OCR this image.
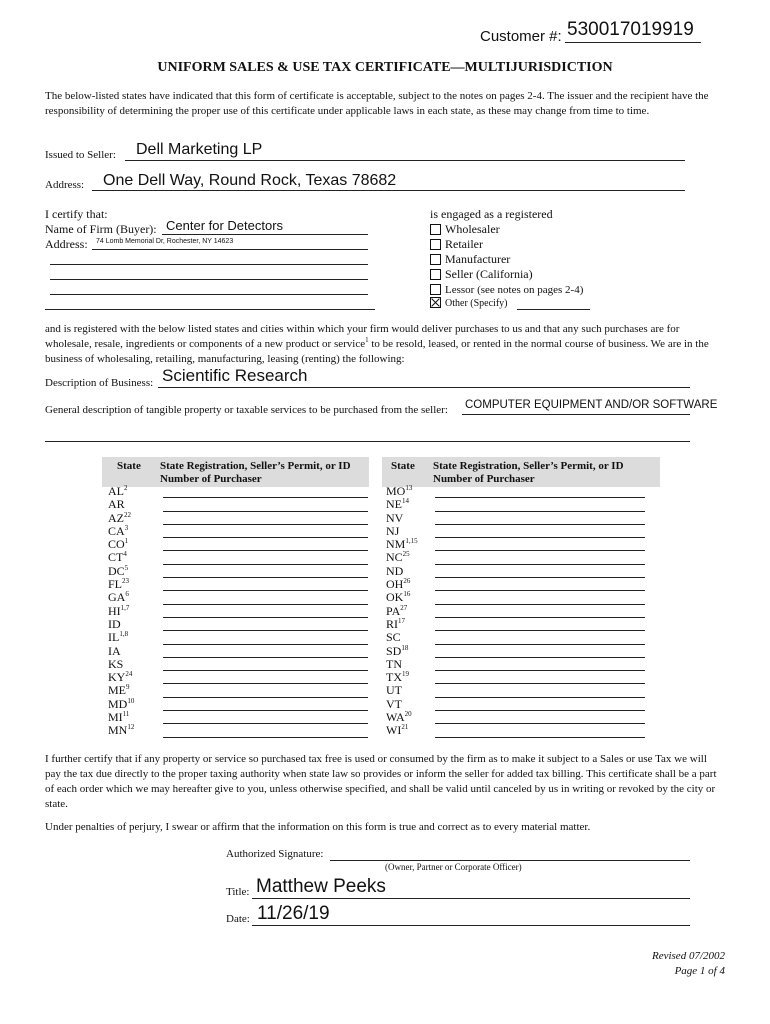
Customer #: 530017019919
UNIFORM SALES & USE TAX CERTIFICATE—MULTIJURISDICTION
The below-listed states have indicated that this form of certificate is acceptable, subject to the notes on pages 2-4. The issuer and the recipient have the responsibility of determining the proper use of this certificate under applicable laws in each state, as these may change from time to time.
Issued to Seller: Dell Marketing LP
Address: One Dell Way, Round Rock, Texas 78682
I certify that:
Name of Firm (Buyer): Center for Detectors
Address: 74 Lomb Memorial Dr, Rochester, NY 14623
is engaged as a registered
Wholesaler
Retailer
Manufacturer
Seller (California)
Lessor (see notes on pages 2-4)
Other (Specify)
and is registered with the below listed states and cities within which your firm would deliver purchases to us and that any such purchases are for wholesale, resale, ingredients or components of a new product or service$^1$ to be resold, leased, or rented in the normal course of business. We are in the business of wholesaling, retailing, manufacturing, leasing (renting) the following:
Description of Business: Scientific Research
General description of tangible property or taxable services to be purchased from the seller: COMPUTER EQUIPMENT AND/OR SOFTWARE
State State Registration, Seller’s Permit, or ID
Number of Purchaser
State State Registration, Seller’s Permit, or ID
Number of Purchaser
$AL^2$
AR
AZ$^{22}$
$CA^3$
$CO^1$
$CT^4$
$DC^5$
FL$^{23}$
$GA^6$
HI$^{1,7}$
ID
IL$^{1,8}$
IA
KS
KY$^{24}$
$ME^9$
MD$^{10}$
MI$^{11}$
MN$^{12}$
MO$^{13}$
NE$^{14}$
NV
NJ
NM$^{1,15}$
NC$^{25}$
ND
OH$^{26}$
OK$^{16}$
PA$^{27}$
RI$^{17}$
SC
SD$^{18}$
TN
TX$^{19}$
UT
VT
WA$^{20}$
WI$^{21}$
I further certify that if any property or service so purchased tax free is used or consumed by the firm as to make it subject to a Sales or use Tax we will pay the tax due directly to the proper taxing authority when state law so provides or inform the seller for added tax billing. This certificate shall be a part of each order which we may hereafter give to you, unless otherwise specified, and shall be valid until canceled by us in writing or revoked by the city or state.
Under penalties of perjury, I swear or affirm that the information on this form is true and correct as to every material matter.
Authorized Signature:
(Owner, Partner or Corporate Officer)
Title: Matthew Peeks
Date: 11/26/19
Revised 07/2002
Page 1 of 4
